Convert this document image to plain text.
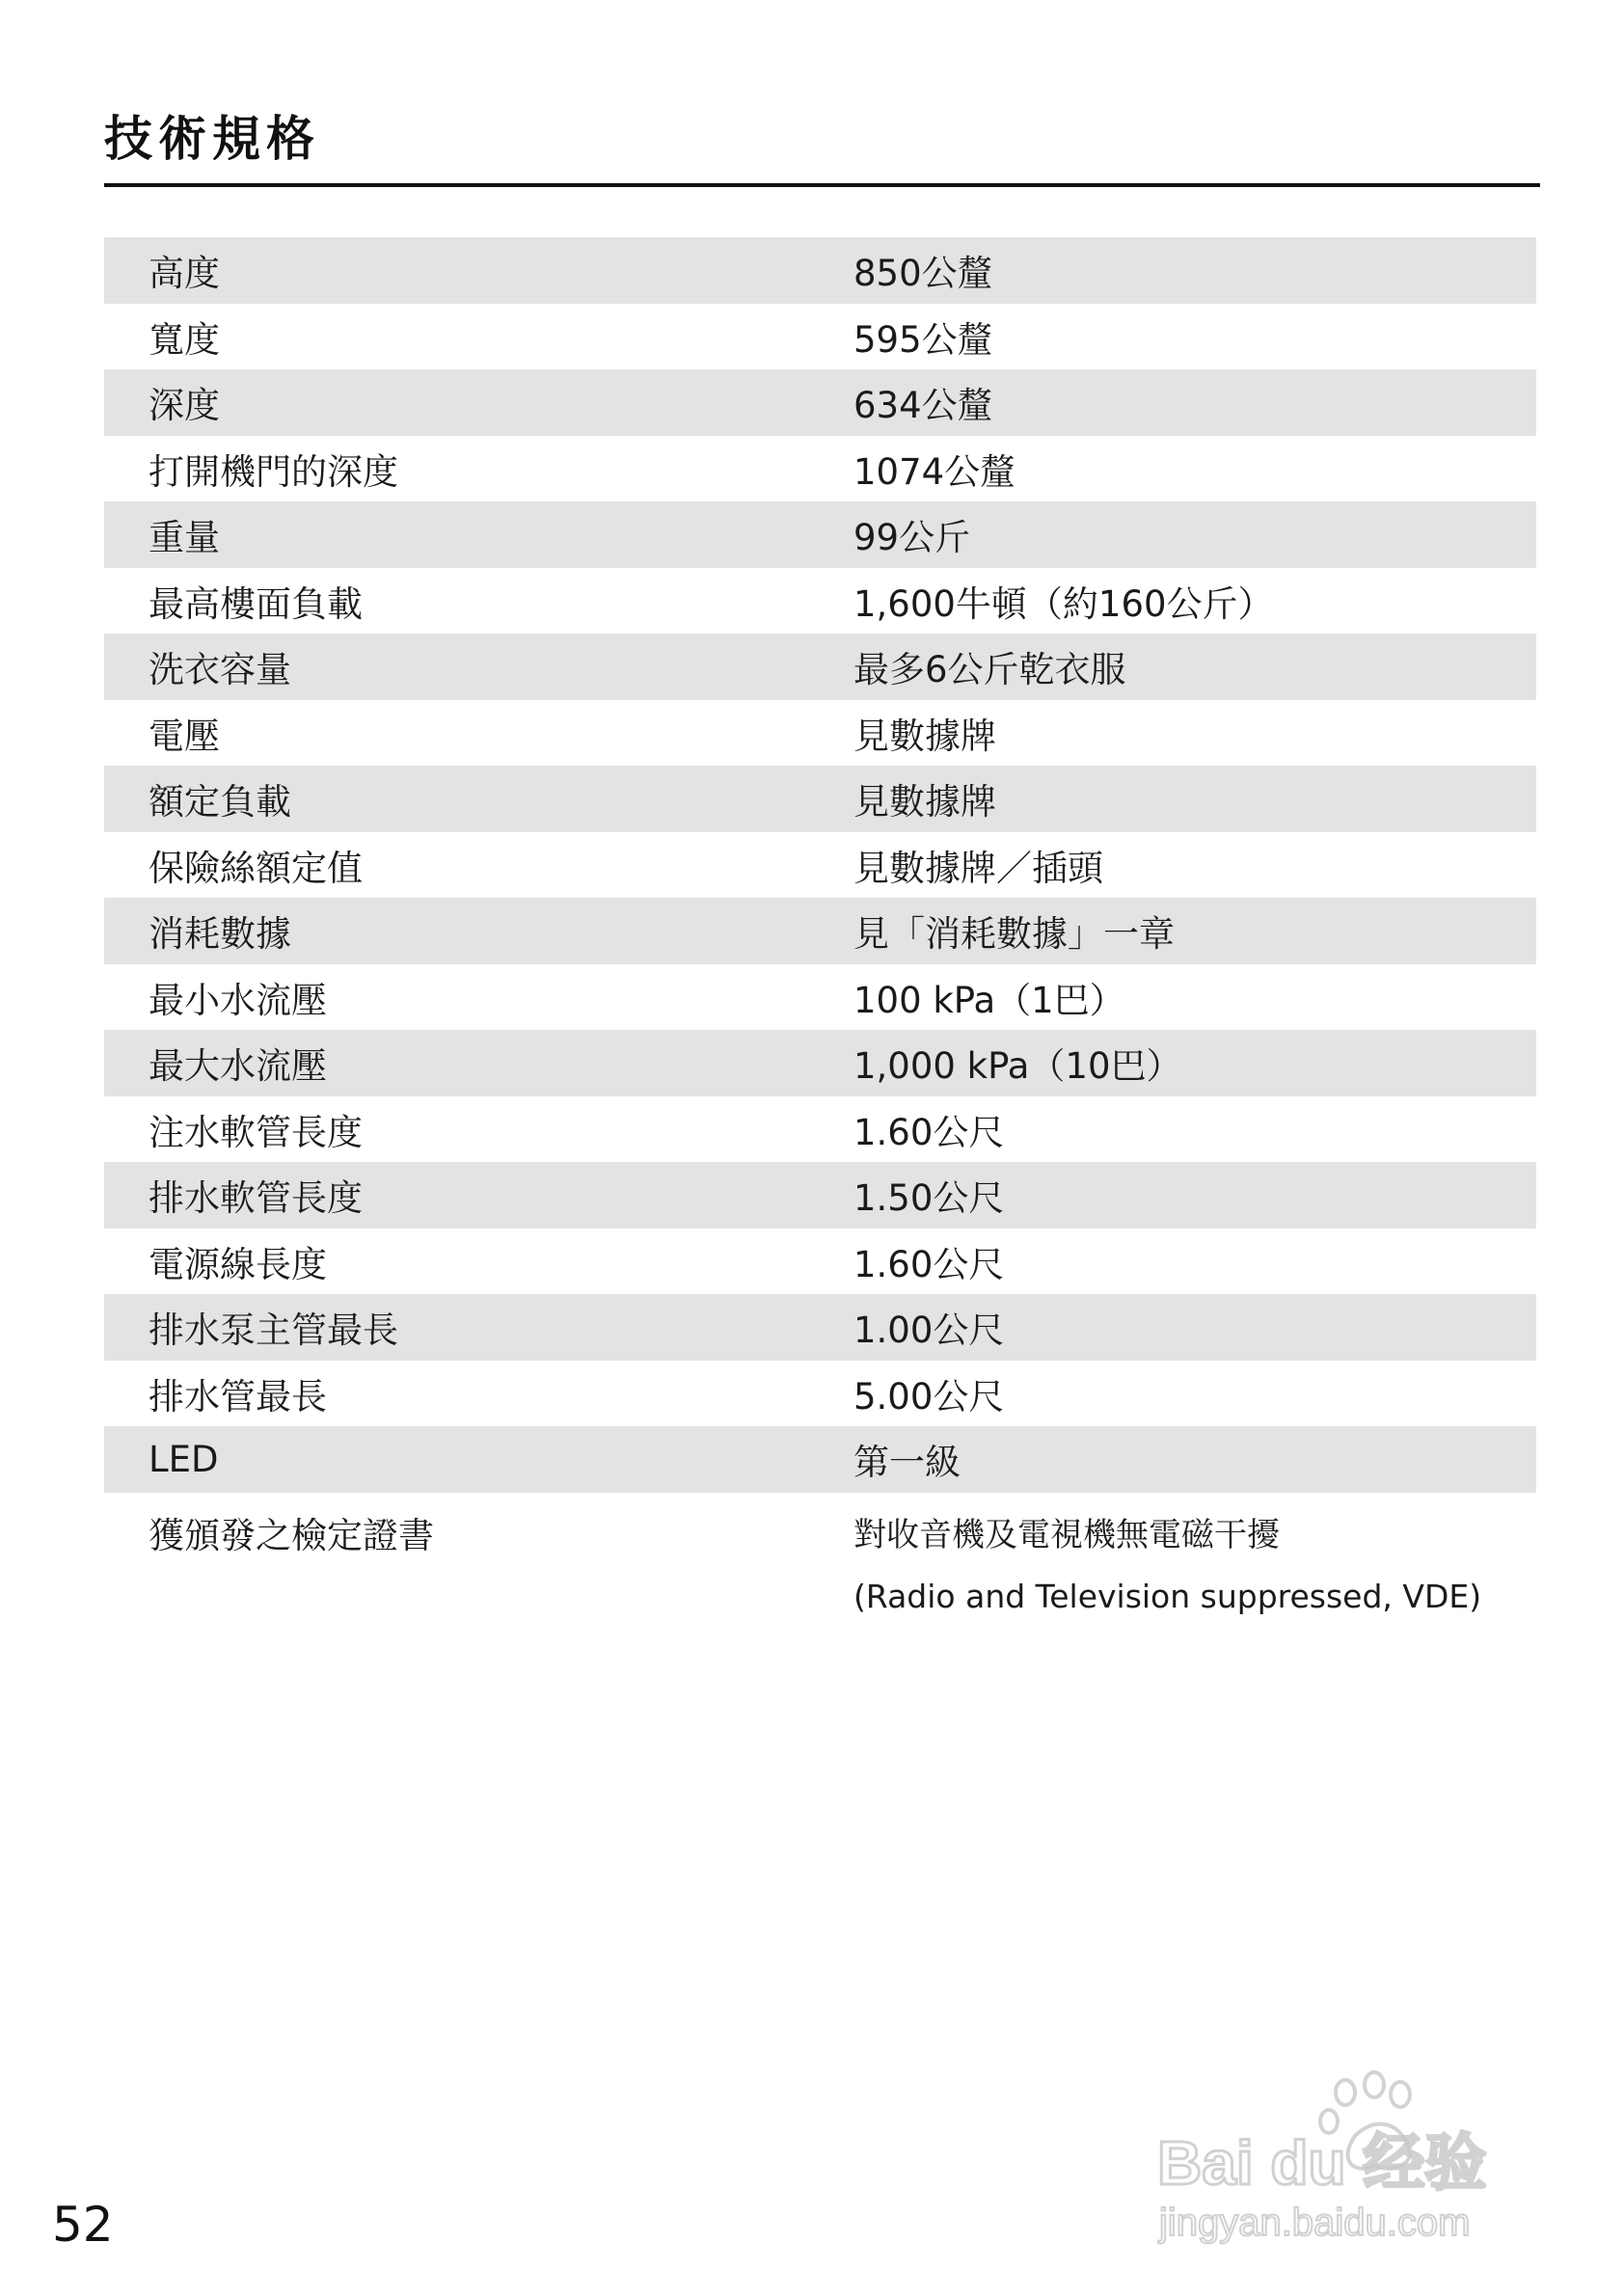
技術規格
高度	850公釐
寬度	595公釐
深度	634公釐
打開機門的深度	1074公釐
重量	99公斤
最高樓面負載	1,600牛頓（約160公斤）
洗衣容量	最多6公斤乾衣服
電壓	見數據牌
額定負載	見數據牌
保險絲額定值	見數據牌／插頭
消耗數據	見「消耗數據」一章
最小水流壓	100 kPa（1巴）
最大水流壓	1,000 kPa（10巴）
注水軟管長度	1.60公尺
排水軟管長度	1.50公尺
電源線長度	1.60公尺
排水泵主管最長	1.00公尺
排水管最長	5.00公尺
LED	第一級
獲頒發之檢定證書	對收音機及電視機無電磁干擾
(Radio and Television suppressed, VDE)
Bai du 经验
jingyan.baidu.com
52
